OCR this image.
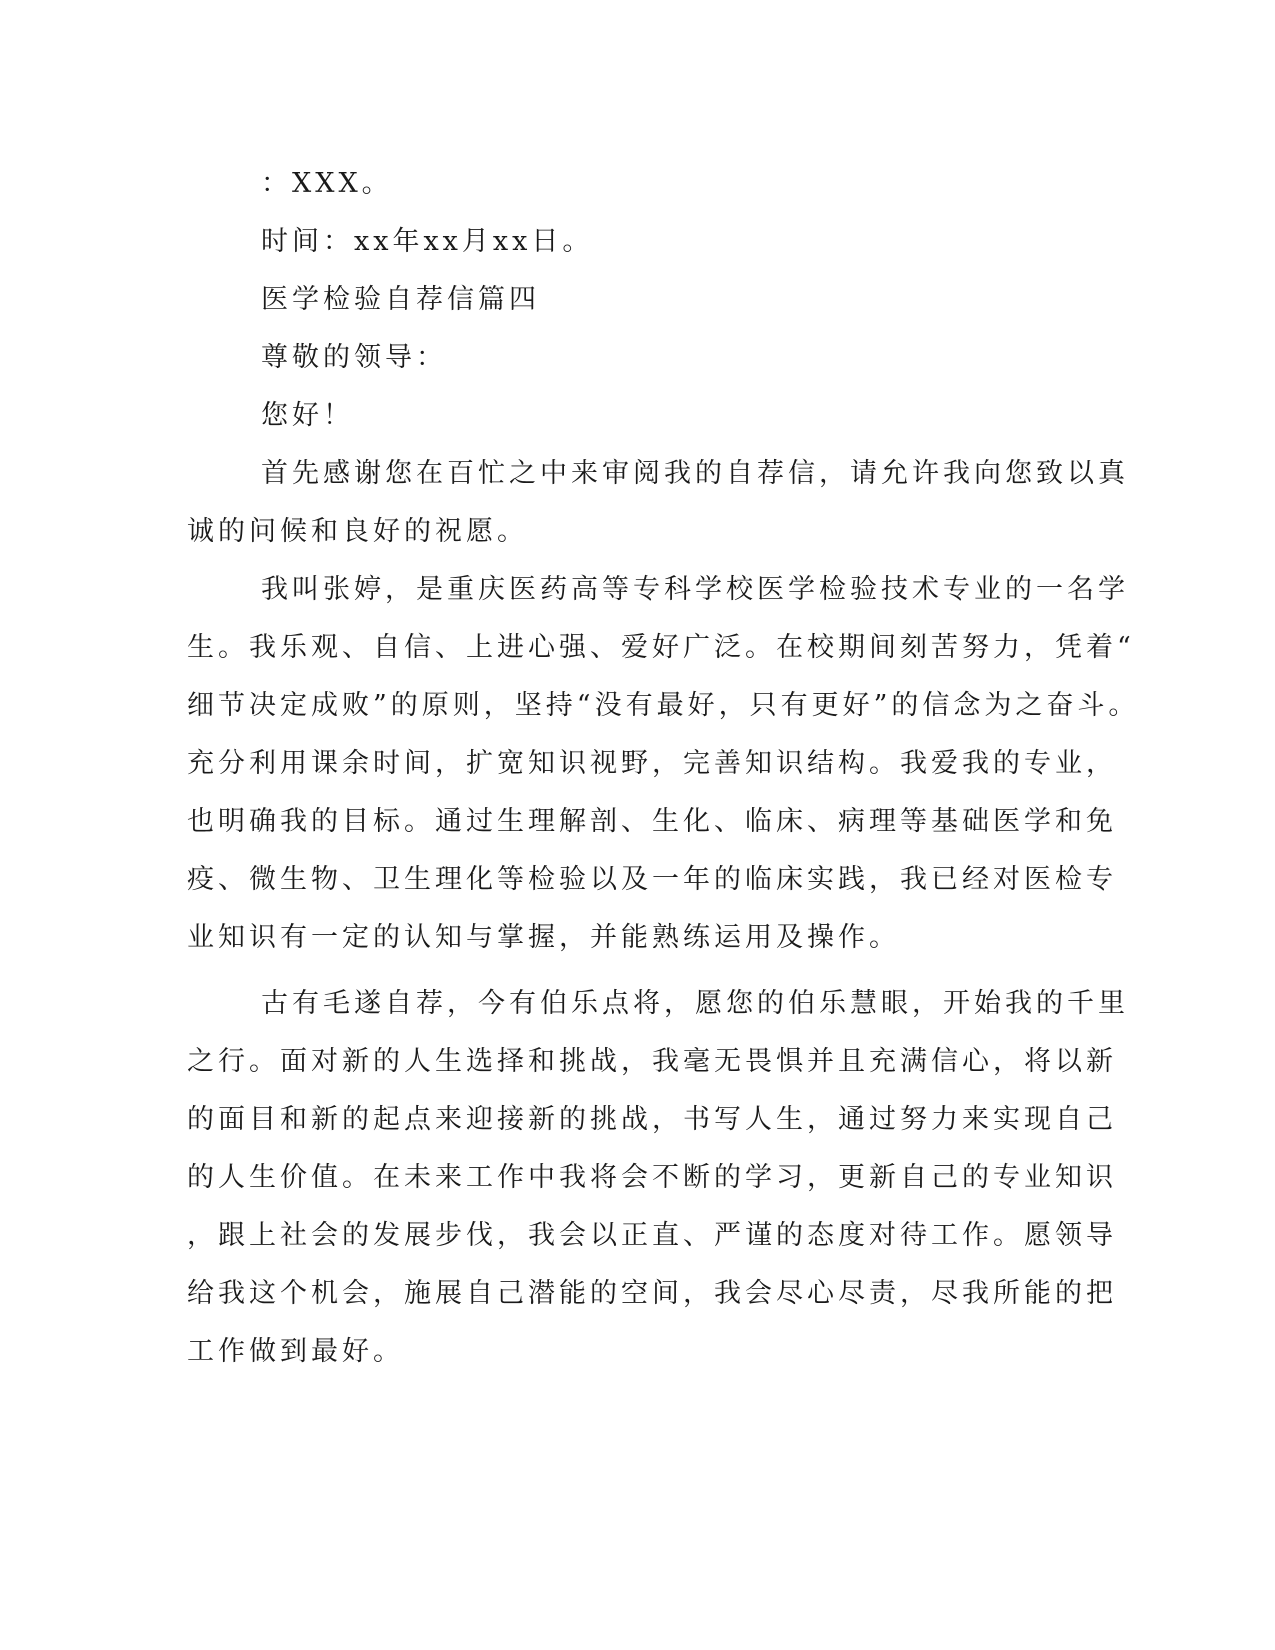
：XXX。
时间：xx年xx月xx日。
医学检验自荐信篇四
尊敬的领导：
您好！
首先感谢您在百忙之中来审阅我的自荐信，请允许我向您致以真
诚的问候和良好的祝愿。
我叫张婷，是重庆医药高等专科学校医学检验技术专业的一名学
生。我乐观、自信、上进心强、爱好广泛。在校期间刻苦努力，凭着“
细节决定成败”的原则，坚持“没有最好，只有更好”的信念为之奋斗。
充分利用课余时间，扩宽知识视野，完善知识结构。我爱我的专业，
也明确我的目标。通过生理解剖、生化、临床、病理等基础医学和免
疫、微生物、卫生理化等检验以及一年的临床实践，我已经对医检专
业知识有一定的认知与掌握，并能熟练运用及操作。
古有毛遂自荐，今有伯乐点将，愿您的伯乐慧眼，开始我的千里
之行。面对新的人生选择和挑战，我毫无畏惧并且充满信心，将以新
的面目和新的起点来迎接新的挑战，书写人生，通过努力来实现自己
的人生价值。在未来工作中我将会不断的学习，更新自己的专业知识
，跟上社会的发展步伐，我会以正直、严谨的态度对待工作。愿领导
给我这个机会，施展自己潜能的空间，我会尽心尽责，尽我所能的把
工作做到最好。
